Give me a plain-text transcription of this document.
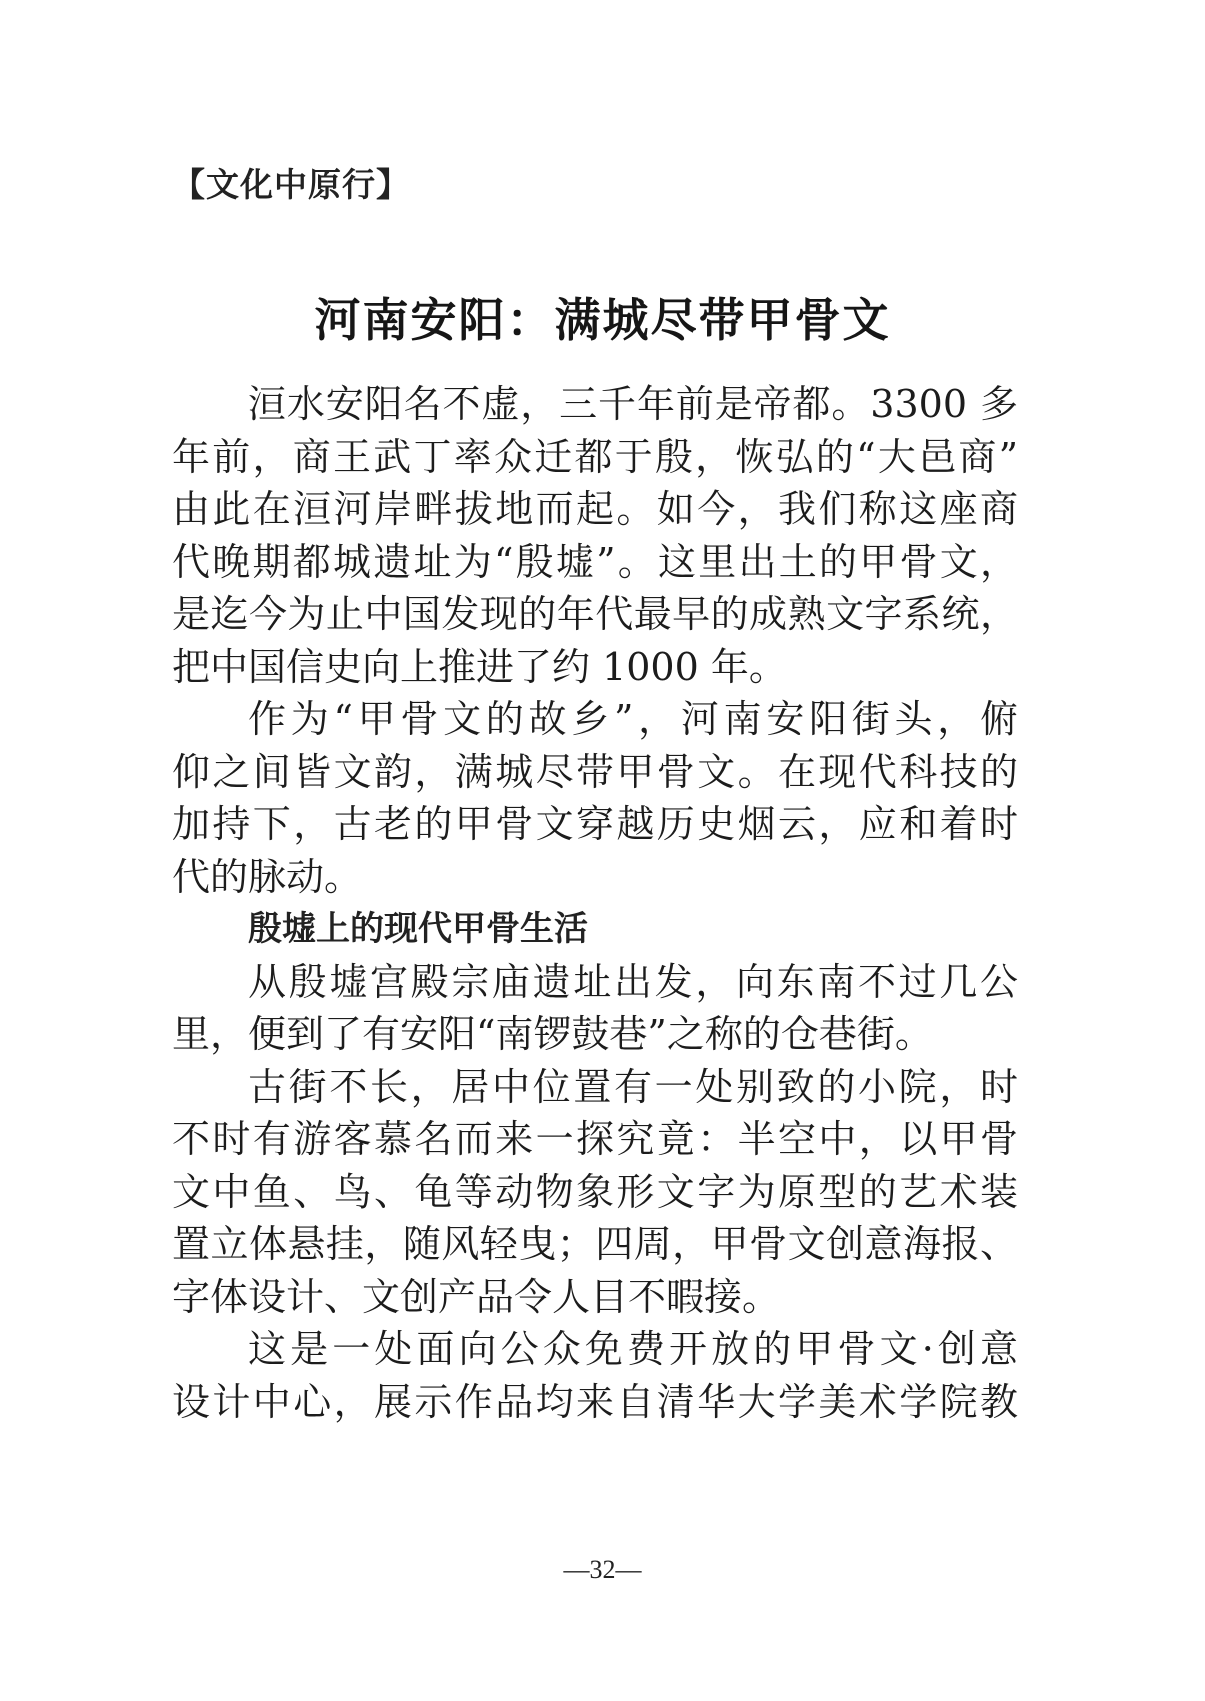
【文化中原行】
河南安阳：满城尽带甲骨文
洹水安阳名不虚，三千年前是帝都。3300 多
年前，商王武丁率众迁都于殷，恢弘的“大邑商”
由此在洹河岸畔拔地而起。如今，我们称这座商
代晚期都城遗址为“殷墟”。这里出土的甲骨文，
是迄今为止中国发现的年代最早的成熟文字系统，
把中国信史向上推进了约 1000 年。
作为“甲骨文的故乡”，河南安阳街头，俯
仰之间皆文韵，满城尽带甲骨文。在现代科技的
加持下，古老的甲骨文穿越历史烟云，应和着时
代的脉动。
殷墟上的现代甲骨生活
从殷墟宫殿宗庙遗址出发，向东南不过几公
里，便到了有安阳“南锣鼓巷”之称的仓巷街。
古街不长，居中位置有一处别致的小院，时
不时有游客慕名而来一探究竟：半空中，以甲骨
文中鱼、鸟、龟等动物象形文字为原型的艺术装
置立体悬挂，随风轻曳；四周，甲骨文创意海报、
字体设计、文创产品令人目不暇接。
这是一处面向公众免费开放的甲骨文·创意
设计中心，展示作品均来自清华大学美术学院教
—32—
